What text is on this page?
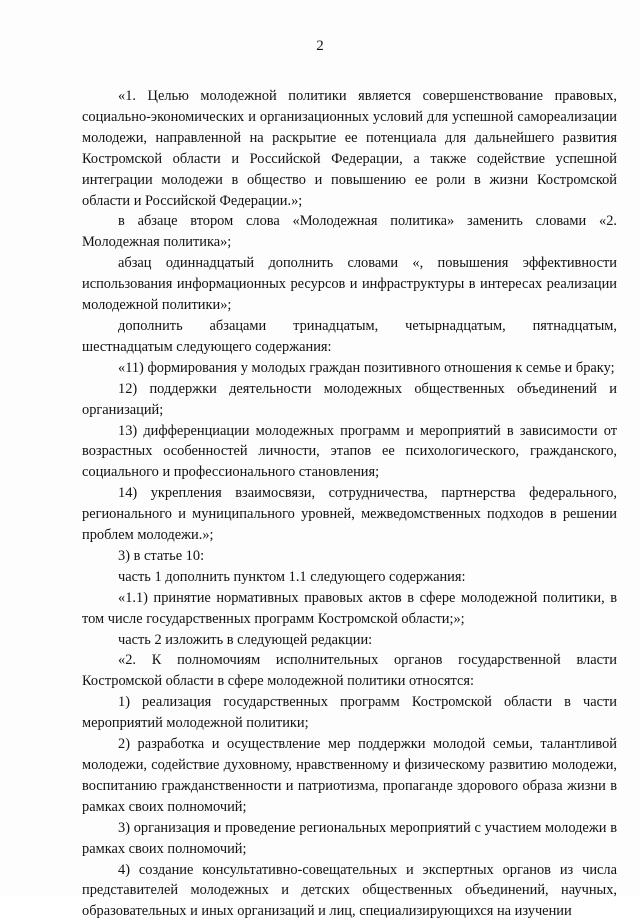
2

«1. Целью молодежной политики является совершенствование правовых, социально-экономических и организационных условий для успешной самореализации молодежи, направленной на раскрытие ее потенциала для дальнейшего развития Костромской области и Российской Федерации, а также содействие успешной интеграции молодежи в общество и повышению ее роли в жизни Костромской области и Российской Федерации.»;

в абзаце втором слова «Молодежная политика» заменить словами «2. Молодежная политика»;

абзац одиннадцатый дополнить словами «, повышения эффективности использования информационных ресурсов и инфраструктуры в интересах реализации молодежной политики»;

дополнить абзацами тринадцатым, четырнадцатым, пятнадцатым, шестнадцатым следующего содержания:

«11) формирования у молодых граждан позитивного отношения к семье и браку;

12) поддержки деятельности молодежных общественных объединений и организаций;

13) дифференциации молодежных программ и мероприятий в зависимости от возрастных особенностей личности, этапов ее психологического, гражданского, социального и профессионального становления;

14) укрепления взаимосвязи, сотрудничества, партнерства федерального, регионального и муниципального уровней, межведомственных подходов в решении проблем молодежи.»;

3) в статье 10:

часть 1 дополнить пунктом 1.1 следующего содержания:

«1.1) принятие нормативных правовых актов в сфере молодежной политики, в том числе государственных программ Костромской области;»;

часть 2 изложить в следующей редакции:

«2. К полномочиям исполнительных органов государственной власти Костромской области в сфере молодежной политики относятся:

1) реализация государственных программ Костромской области в части мероприятий молодежной политики;

2) разработка и осуществление мер поддержки молодой семьи, талантливой молодежи, содействие духовному, нравственному и физическому развитию молодежи, воспитанию гражданственности и патриотизма, пропаганде здорового образа жизни в рамках своих полномочий;

3) организация и проведение региональных мероприятий с участием молодежи в рамках своих полномочий;

4) создание консультативно-совещательных и экспертных органов из числа представителей молодежных и детских общественных объединений, научных, образовательных и иных организаций и лиц, специализирующихся на изучении
